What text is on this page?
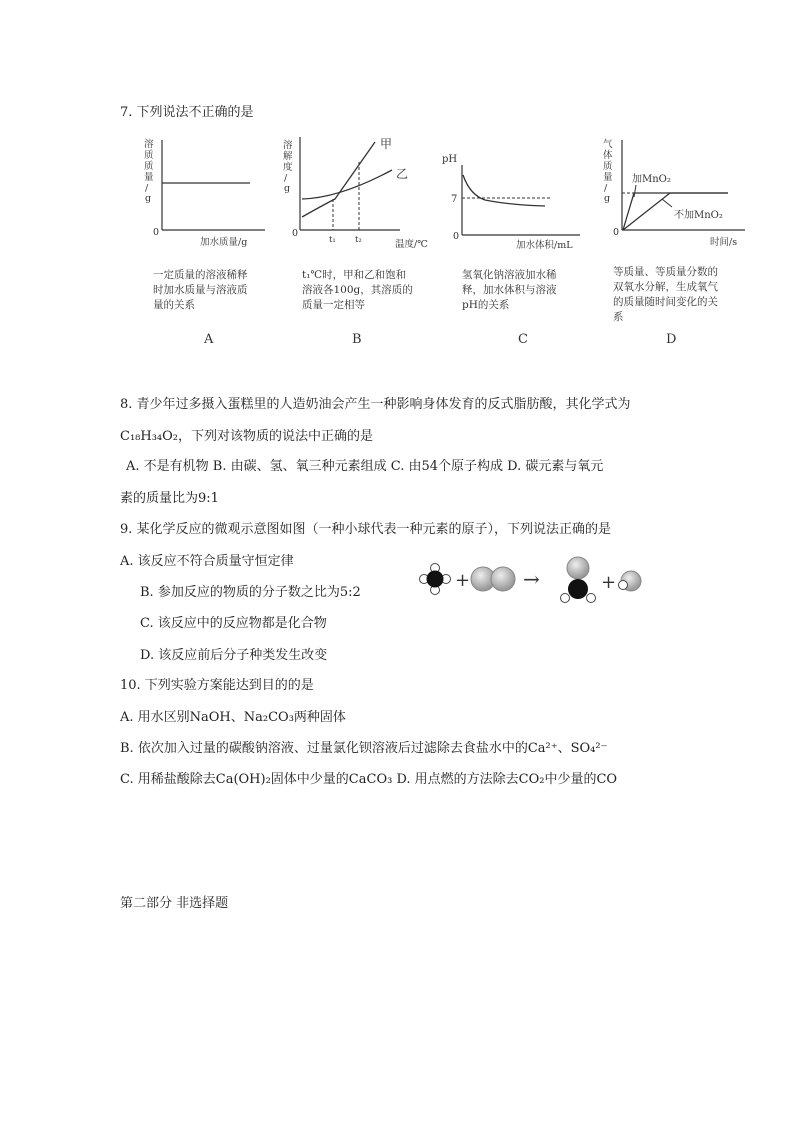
7. 下列说法不正确的是
溶
质
质
量
/
g
0
加水质量/g
溶
解
度
/
g
甲
乙
0
t₁ t₂	温度/℃
pH
7
0
加水体积/mL
气
体
质
量
/
g
加MnO₂
不加MnO₂
0
时间/s
一定质量的溶液稀释
时加水质量与溶液质
量的关系
t₁℃时，甲和乙和饱和
溶液各100g，其溶质的
质量一定相等
氢氧化钠溶液加水稀
释，加水体积与溶液
pH的关系
等质量、等质量分数的
双氧水分解，生成氧气
的质量随时间变化的关
系
A	B	C	D
8. 青少年过多摄入蛋糕里的人造奶油会产生一种影响身体发育的反式脂肪酸，其化学式为
C₁₈H₃₄O₂，下列对该物质的说法中正确的是
A. 不是有机物 B. 由碳、氢、氧三种元素组成 C. 由54个原子构成 D. 碳元素与氧元
素的质量比为9:1
9. 某化学反应的微观示意图如图（一种小球代表一种元素的原子），下列说法正确的是
A. 该反应不符合质量守恒定律
B. 参加反应的物质的分子数之比为5:2
C. 该反应中的反应物都是化合物
D. 该反应前后分子种类发生改变
+	→	+
10. 下列实验方案能达到目的的是
A. 用水区别NaOH、Na₂CO₃两种固体
B. 依次加入过量的碳酸钠溶液、过量氯化钡溶液后过滤除去食盐水中的Ca²⁺、SO₄²⁻
C. 用稀盐酸除去Ca(OH)₂固体中少量的CaCO₃ D. 用点燃的方法除去CO₂中少量的CO
第二部分 非选择题
